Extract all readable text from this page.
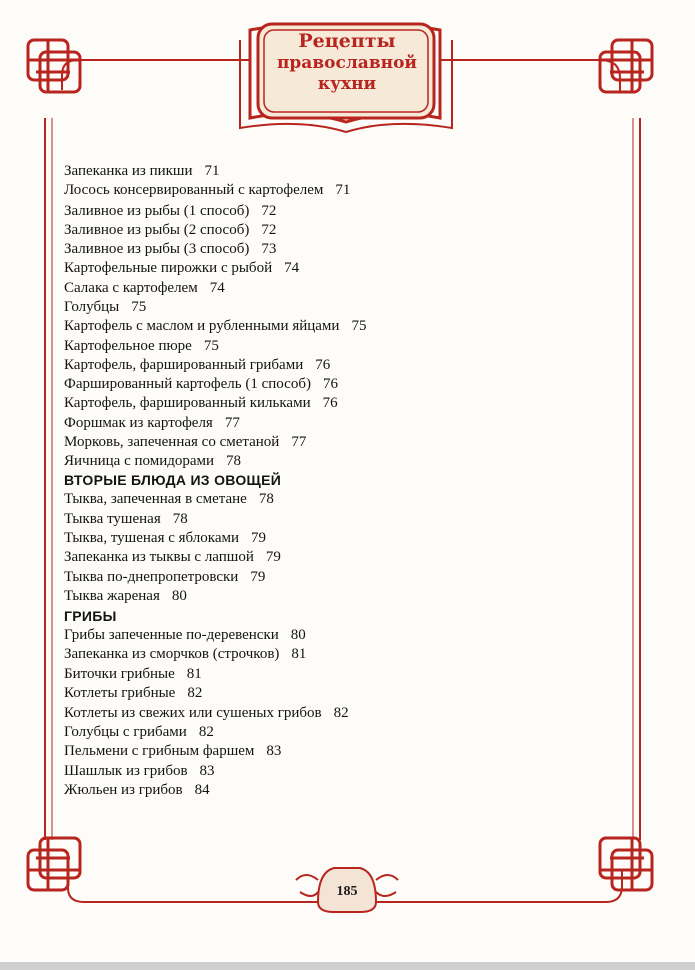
Рецепты
православной
кухни
Запеканка из пикши 71
Лосось консервированный с картофелем 71
Заливное из рыбы (1 способ) 72
Заливное из рыбы (2 способ) 72
Заливное из рыбы (3 способ) 73
Картофельные пирожки с рыбой 74
Салака с картофелем 74
Голубцы 75
Картофель с маслом и рубленными яйцами 75
Картофельное пюре 75
Картофель, фаршированный грибами 76
Фаршированный картофель (1 способ) 76
Картофель, фаршированный кильками 76
Форшмак из картофеля 77
Морковь, запеченная со сметаной 77
Яичница с помидорами 78
ВТОРЫЕ БЛЮДА ИЗ ОВОЩЕЙ
Тыква, запеченная в сметане 78
Тыква тушеная 78
Тыква, тушеная с яблоками 79
Запеканка из тыквы с лапшой 79
Тыква по-днепропетровски 79
Тыква жареная 80
ГРИБЫ
Грибы запеченные по-деревенски 80
Запеканка из сморчков (строчков) 81
Биточки грибные 81
Котлеты грибные 82
Котлеты из свежих или сушеных грибов 82
Голубцы с грибами 82
Пельмени с грибным фаршем 83
Шашлык из грибов 83
Жюльен из грибов 84
185
